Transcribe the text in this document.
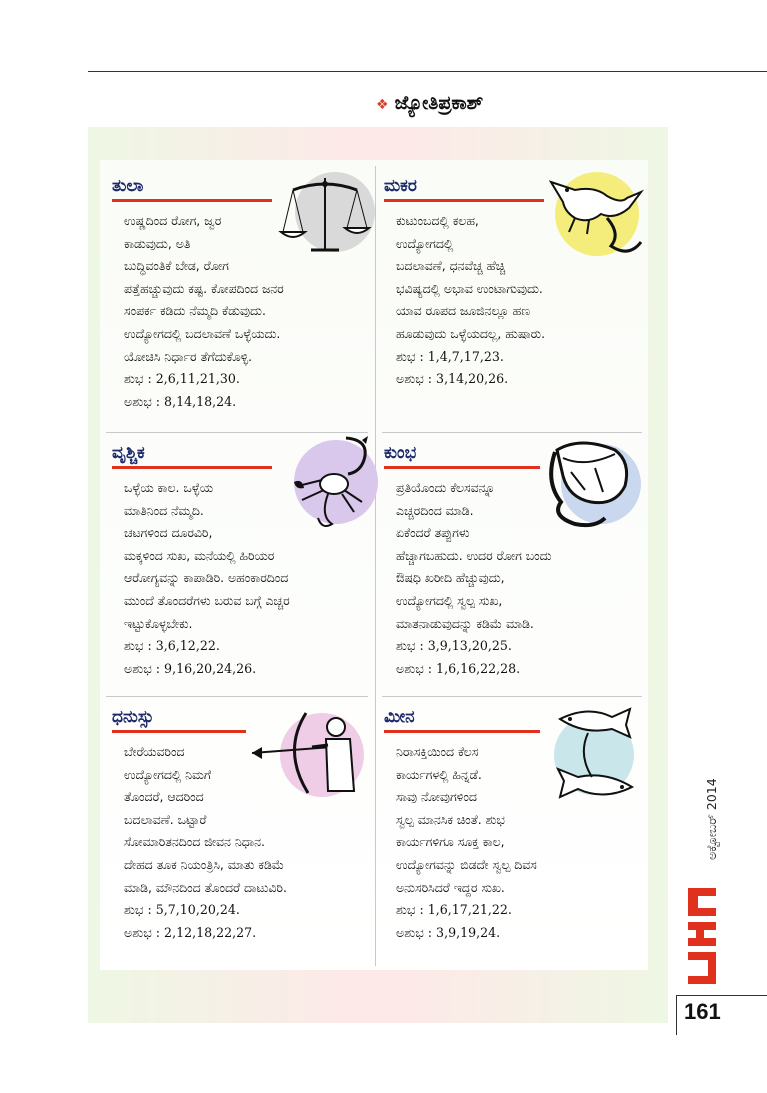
❖ ಜ್ಯೋತಿಪ್ರಕಾಶ್
ತುಲಾ
ಉಷ್ಣದಿಂದ ರೋಗ, ಜ್ವರ
ಕಾಡುವುದು, ಅತಿ
ಬುದ್ಧಿವಂತಿಕೆ ಬೇಡ, ರೋಗ
ಪತ್ತೆಹಚ್ಚುವುದು ಕಷ್ಟ. ಕೋಪದಿಂದ ಜನರ
ಸಂಪರ್ಕ ಕಡಿದು ನೆಮ್ಮದಿ ಕೆಡುವುದು.
ಉದ್ಯೋಗದಲ್ಲಿ ಬದಲಾವಣೆ ಒಳ್ಳೆಯದು.
ಯೋಚಿಸಿ ನಿರ್ಧಾರ ತೆಗೆದುಕೊಳ್ಳಿ.
ಶುಭ : 2,6,11,21,30.
ಅಶುಭ : 8,14,18,24.
ಮಕರ
ಕುಟುಂಬದಲ್ಲಿ ಕಲಹ,
ಉದ್ಯೋಗದಲ್ಲಿ
ಬದಲಾವಣೆ, ಧನವೆಚ್ಚ ಹೆಚ್ಚಿ
ಭವಿಷ್ಯದಲ್ಲಿ ಅಭಾವ ಉಂಟಾಗುವುದು.
ಯಾವ ರೂಪದ ಜೂಜಿನಲ್ಲೂ ಹಣ
ಹೂಡುವುದು ಒಳ್ಳೆಯದಲ್ಲ, ಹುಷಾರು.
ಶುಭ : 1,4,7,17,23.
ಅಶುಭ : 3,14,20,26.
ವೃಶ್ಚಿಕ
ಒಳ್ಳೆಯ ಕಾಲ. ಒಳ್ಳೆಯ
ಮಾತಿನಿಂದ ನೆಮ್ಮದಿ.
ಚಟಗಳಿಂದ ದೂರವಿರಿ,
ಮಕ್ಕಳಿಂದ ಸುಖ, ಮನೆಯಲ್ಲಿ ಹಿರಿಯರ
ಆರೋಗ್ಯವನ್ನು ಕಾಪಾಡಿರಿ. ಅಹಂಕಾರದಿಂದ
ಮುಂದೆ ತೊಂದರೆಗಳು ಬರುವ ಬಗ್ಗೆ ಎಚ್ಚರ
ಇಟ್ಟುಕೊಳ್ಳಬೇಕು.
ಶುಭ : 3,6,12,22.
ಅಶುಭ : 9,16,20,24,26.
ಕುಂಭ
ಪ್ರತಿಯೊಂದು ಕೆಲಸವನ್ನೂ
ಎಚ್ಚರದಿಂದ ಮಾಡಿ.
ಏಕೆಂದರೆ ತಪ್ಪುಗಳು
ಹೆಚ್ಚಾಗಬಹುದು. ಉದರ ರೋಗ ಬಂದು
ಔಷಧಿ ಖರೀದಿ ಹೆಚ್ಚುವುದು,
ಉದ್ಯೋಗದಲ್ಲಿ ಸ್ವಲ್ಪ ಸುಖ,
ಮಾತನಾಡುವುದನ್ನು ಕಡಿಮೆ ಮಾಡಿ.
ಶುಭ : 3,9,13,20,25.
ಅಶುಭ : 1,6,16,22,28.
ಧನುಸ್ಸು
ಬೇರೆಯವರಿಂದ
ಉದ್ಯೋಗದಲ್ಲಿ ನಿಮಗೆ
ತೊಂದರೆ, ಆದರಿಂದ
ಬದಲಾವಣೆ. ಒಟ್ಟಾರೆ
ಸೋಮಾರಿತನದಿಂದ ಜೀವನ ನಿಧಾನ.
ದೇಹದ ತೂಕ ನಿಯಂತ್ರಿಸಿ, ಮಾತು ಕಡಿಮೆ
ಮಾಡಿ, ಮೌನದಿಂದ ತೊಂದರೆ ದಾಟುವಿರಿ.
ಶುಭ : 5,7,10,20,24.
ಅಶುಭ : 2,12,18,22,27.
ಮೀನ
ನಿರಾಸಕ್ತಿಯಿಂದ ಕೆಲಸ
ಕಾರ್ಯಗಳಲ್ಲಿ ಹಿನ್ನಡೆ.
ಸಾವು ನೋವುಗಳಿಂದ
ಸ್ವಲ್ಪ ಮಾನಸಿಕ ಚಿಂತೆ. ಶುಭ
ಕಾರ್ಯಗಳಿಗೂ ಸೂಕ್ತ ಕಾಲ,
ಉದ್ಯೋಗವನ್ನು ಬಿಡದೇ ಸ್ವಲ್ಪ ದಿವಸ
ಅನುಸರಿಸಿದರೆ ಇದ್ದರ ಸುಖ.
ಶುಭ : 1,6,17,21,22.
ಅಶುಭ : 3,9,19,24.
ಅಕ್ಟೋಬರ್ 2014
161
